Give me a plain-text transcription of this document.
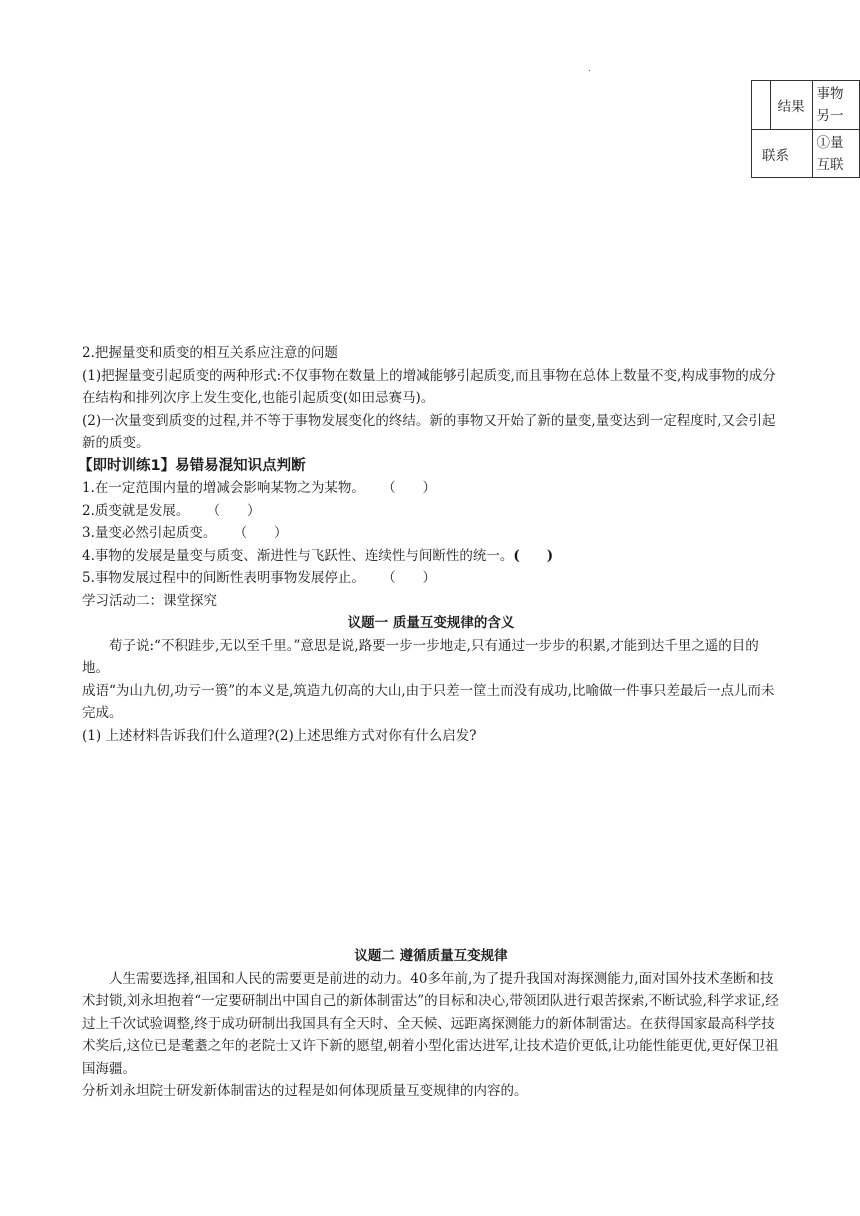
.
	结果	事物
另一

联系		①量
互联

2.把握量变和质变的相互关系应注意的问题

(1)把握量变引起质变的两种形式:不仅事物在数量上的增减能够引起质变,而且事物在总体上数量不变,构成事物的成分在结构和排列次序上发生变化,也能引起质变(如田忌赛马)。

(2)一次量变到质变的过程,并不等于事物发展变化的终结。新的事物又开始了新的量变,量变达到一定程度时,又会引起新的质变。

【即时训练1】易错易混知识点判断

1.在一定范围内量的增减会影响某物之为某物。 （　　）

2.质变就是发展。 （　　）

3.量变必然引起质变。 （　　）

4.事物的发展是量变与质变、渐进性与飞跃性、连续性与间断性的统一。(　　)

5.事物发展过程中的间断性表明事物发展停止。 （　　）

学习活动二：课堂探究

议题一 质量互变规律的含义

荀子说:“不积跬步,无以至千里。”意思是说,路要一步一步地走,只有通过一步步的积累,才能到达千里之遥的目的地。

成语“为山九仞,功亏一篑”的本义是,筑造九仞高的大山,由于只差一筐土而没有成功,比喻做一件事只差最后一点儿而未完成。

(1) 上述材料告诉我们什么道理?(2)上述思维方式对你有什么启发?

议题二 遵循质量互变规律

人生需要选择,祖国和人民的需要更是前进的动力。40多年前,为了提升我国对海探测能力,面对国外技术垄断和技术封锁,刘永坦抱着“一定要研制出中国自己的新体制雷达”的目标和决心,带领团队进行艰苦探索,不断试验,科学求证,经过上千次试验调整,终于成功研制出我国具有全天时、全天候、远距离探测能力的新体制雷达。在获得国家最高科学技术奖后,这位已是耄耋之年的老院士又许下新的愿望,朝着小型化雷达进军,让技术造价更低,让功能性能更优,更好保卫祖国海疆。

分析刘永坦院士研发新体制雷达的过程是如何体现质量互变规律的内容的。
